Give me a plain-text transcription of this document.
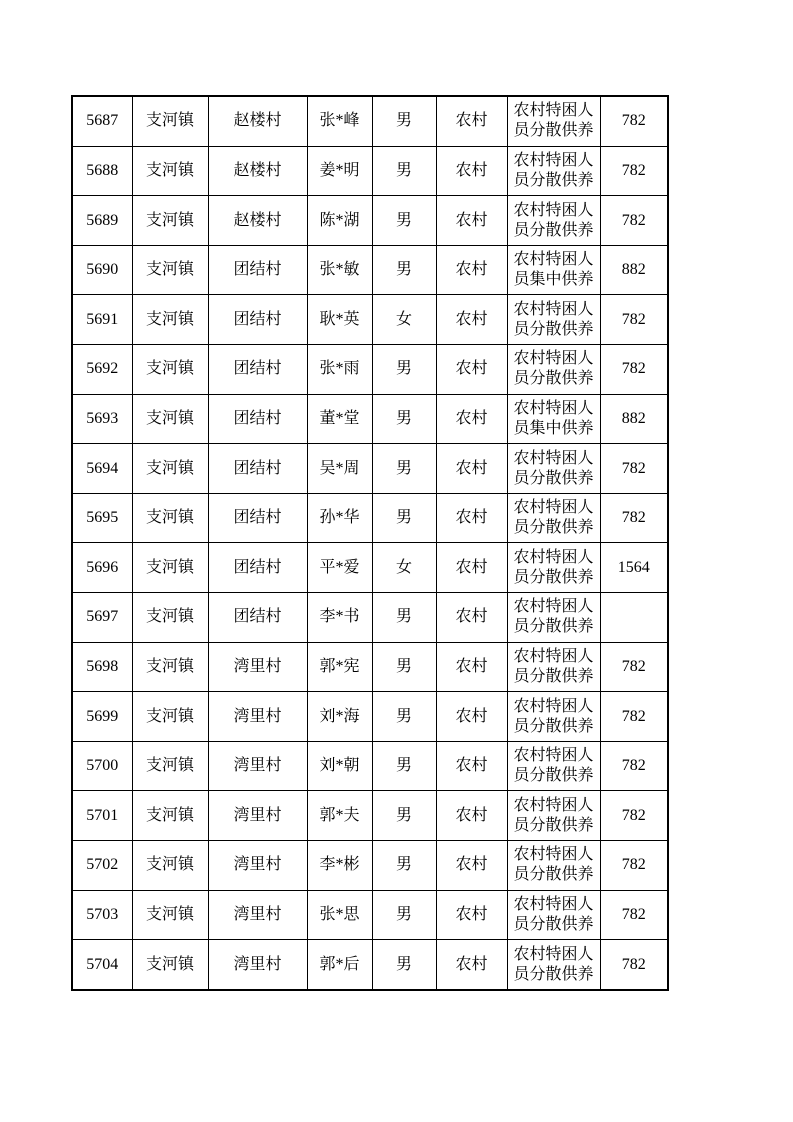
5687	支河镇	赵楼村	张*峰	男	农村	农村特困人员分散供养	782
5688	支河镇	赵楼村	姜*明	男	农村	农村特困人员分散供养	782
5689	支河镇	赵楼村	陈*湖	男	农村	农村特困人员分散供养	782
5690	支河镇	团结村	张*敏	男	农村	农村特困人员集中供养	882
5691	支河镇	团结村	耿*英	女	农村	农村特困人员分散供养	782
5692	支河镇	团结村	张*雨	男	农村	农村特困人员分散供养	782
5693	支河镇	团结村	董*堂	男	农村	农村特困人员集中供养	882
5694	支河镇	团结村	吴*周	男	农村	农村特困人员分散供养	782
5695	支河镇	团结村	孙*华	男	农村	农村特困人员分散供养	782
5696	支河镇	团结村	平*爱	女	农村	农村特困人员分散供养	1564
5697	支河镇	团结村	李*书	男	农村	农村特困人员分散供养	
5698	支河镇	湾里村	郭*宪	男	农村	农村特困人员分散供养	782
5699	支河镇	湾里村	刘*海	男	农村	农村特困人员分散供养	782
5700	支河镇	湾里村	刘*朝	男	农村	农村特困人员分散供养	782
5701	支河镇	湾里村	郭*夫	男	农村	农村特困人员分散供养	782
5702	支河镇	湾里村	李*彬	男	农村	农村特困人员分散供养	782
5703	支河镇	湾里村	张*思	男	农村	农村特困人员分散供养	782
5704	支河镇	湾里村	郭*后	男	农村	农村特困人员分散供养	782
